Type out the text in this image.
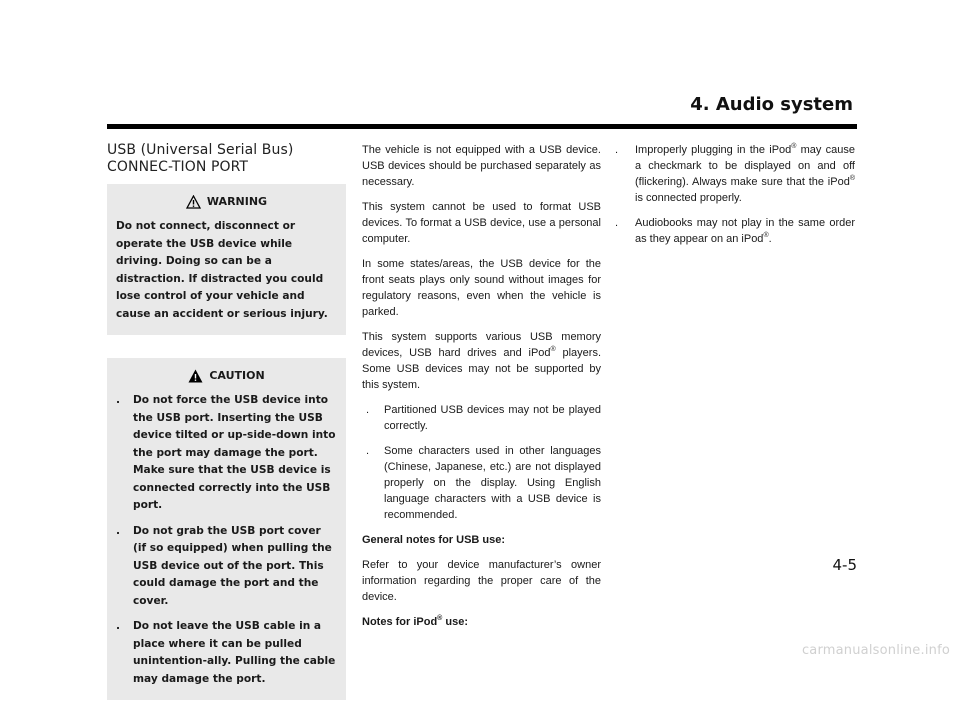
4. Audio system
USB (Universal Serial Bus) CONNEC-TION PORT
WARNING

Do not connect, disconnect or operate the USB device while driving. Doing so can be a distraction. If distracted you could lose control of your vehicle and cause an accident or serious injury.

CAUTION
. Do not force the USB device into the USB port. Inserting the USB device tilted or up-side-down into the port may damage the port. Make sure that the USB device is connected correctly into the USB port.
. Do not grab the USB port cover (if so equipped) when pulling the USB device out of the port. This could damage the port and the cover.
. Do not leave the USB cable in a place where it can be pulled unintention-ally. Pulling the cable may damage the port.

The vehicle is not equipped with a USB device. USB devices should be purchased separately as necessary.

This system cannot be used to format USB devices. To format a USB device, use a personal computer.

In some states/areas, the USB device for the front seats plays only sound without images for regulatory reasons, even when the vehicle is parked.

This system supports various USB memory devices, USB hard drives and iPod® players. Some USB devices may not be supported by this system.

. Partitioned USB devices may not be played correctly.
. Some characters used in other languages (Chinese, Japanese, etc.) are not displayed properly on the display. Using English language characters with a USB device is recommended.

General notes for USB use:

Refer to your device manufacturer’s owner information regarding the proper care of the device.

Notes for iPod® use:

. Improperly plugging in the iPod® may cause a checkmark to be displayed on and off (flickering). Always make sure that the iPod® is connected properly.
. Audiobooks may not play in the same order as they appear on an iPod®.
4-5
carmanualsonline.info
